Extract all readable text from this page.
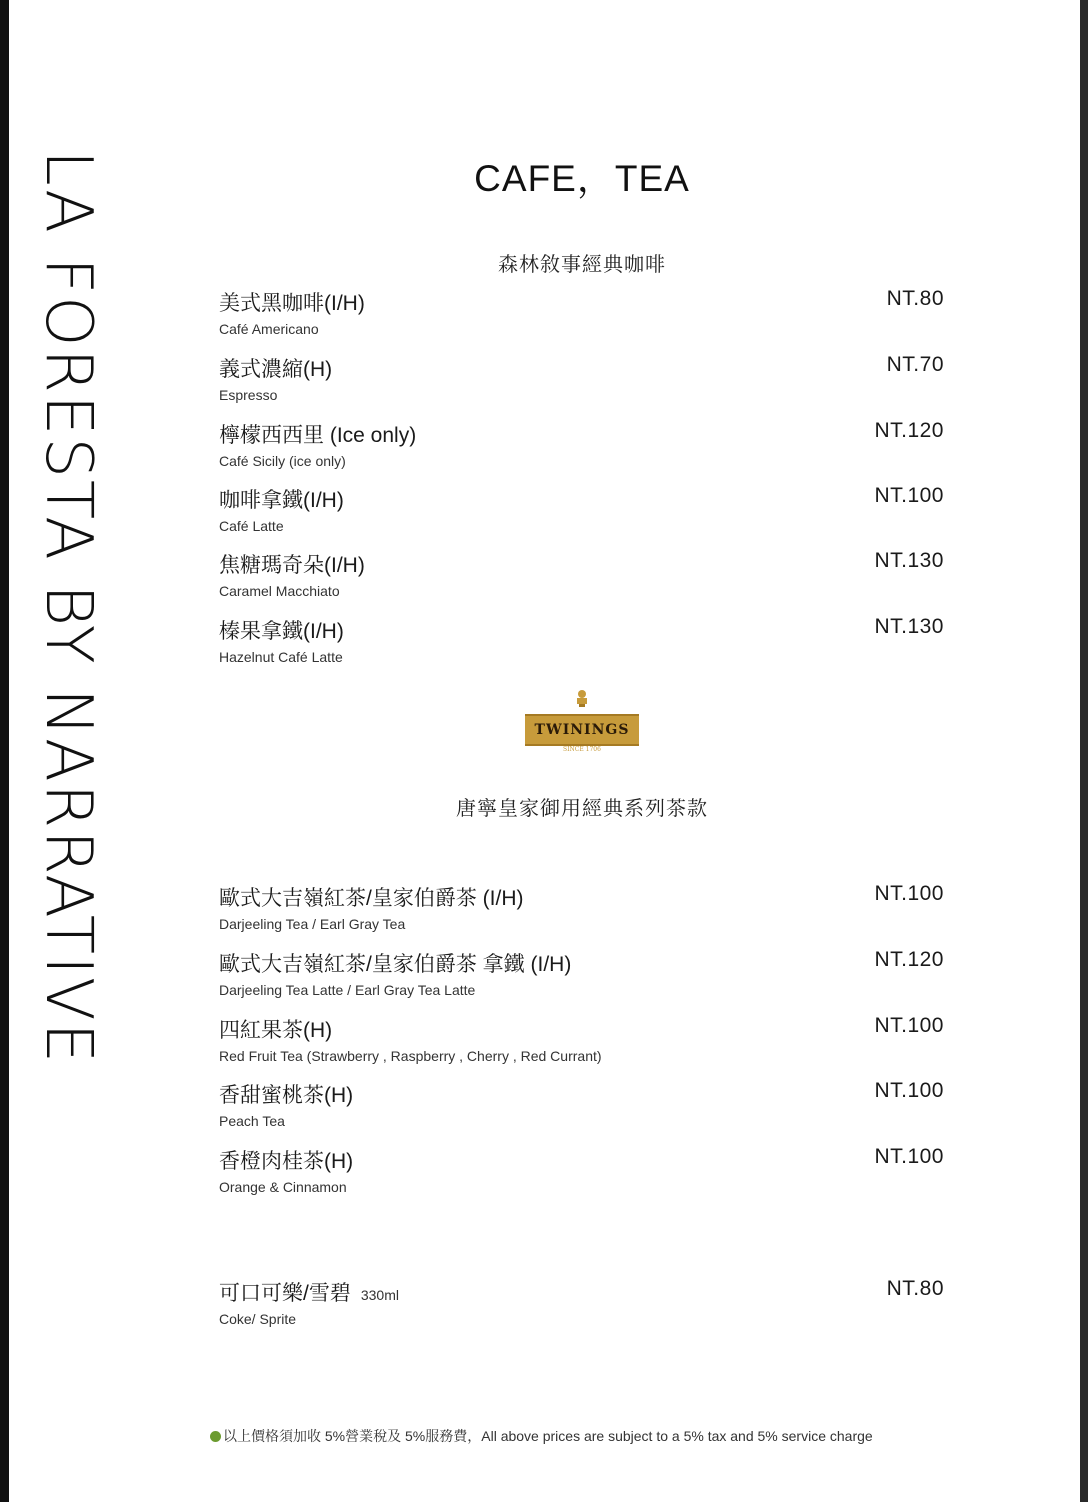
LA FORESTA BY NARRATIVE	CAFE，TEA
森林敘事經典咖啡
美式黑咖啡(I/H)
Café Americano
NT.80
義式濃縮(H)
Espresso
NT.70
檸檬西西里 (Ice only)
Café Sicily (ice only)
NT.120
咖啡拿鐵(I/H)
Café Latte
NT.100
焦糖瑪奇朵(I/H)
Caramel Macchiato
NT.130
榛果拿鐵(I/H)
Hazelnut Café Latte
NT.130
TWININGS
SINCE 1706
唐寧皇家御用經典系列茶款
歐式大吉嶺紅茶/皇家伯爵茶 (I/H)
Darjeeling Tea / Earl Gray Tea
NT.100
歐式大吉嶺紅茶/皇家伯爵茶 拿鐵 (I/H)
Darjeeling Tea Latte / Earl Gray Tea Latte
NT.120
四紅果茶(H)
Red Fruit Tea (Strawberry , Raspberry , Cherry , Red Currant)
NT.100
香甜蜜桃茶(H)
Peach Tea
NT.100
香橙肉桂茶(H)
Orange & Cinnamon
NT.100
可口可樂/雪碧 330ml
Coke/ Sprite
NT.80
以上價格須加收 5%營業稅及 5%服務費，All above prices are subject to a 5% tax and 5% service charge
